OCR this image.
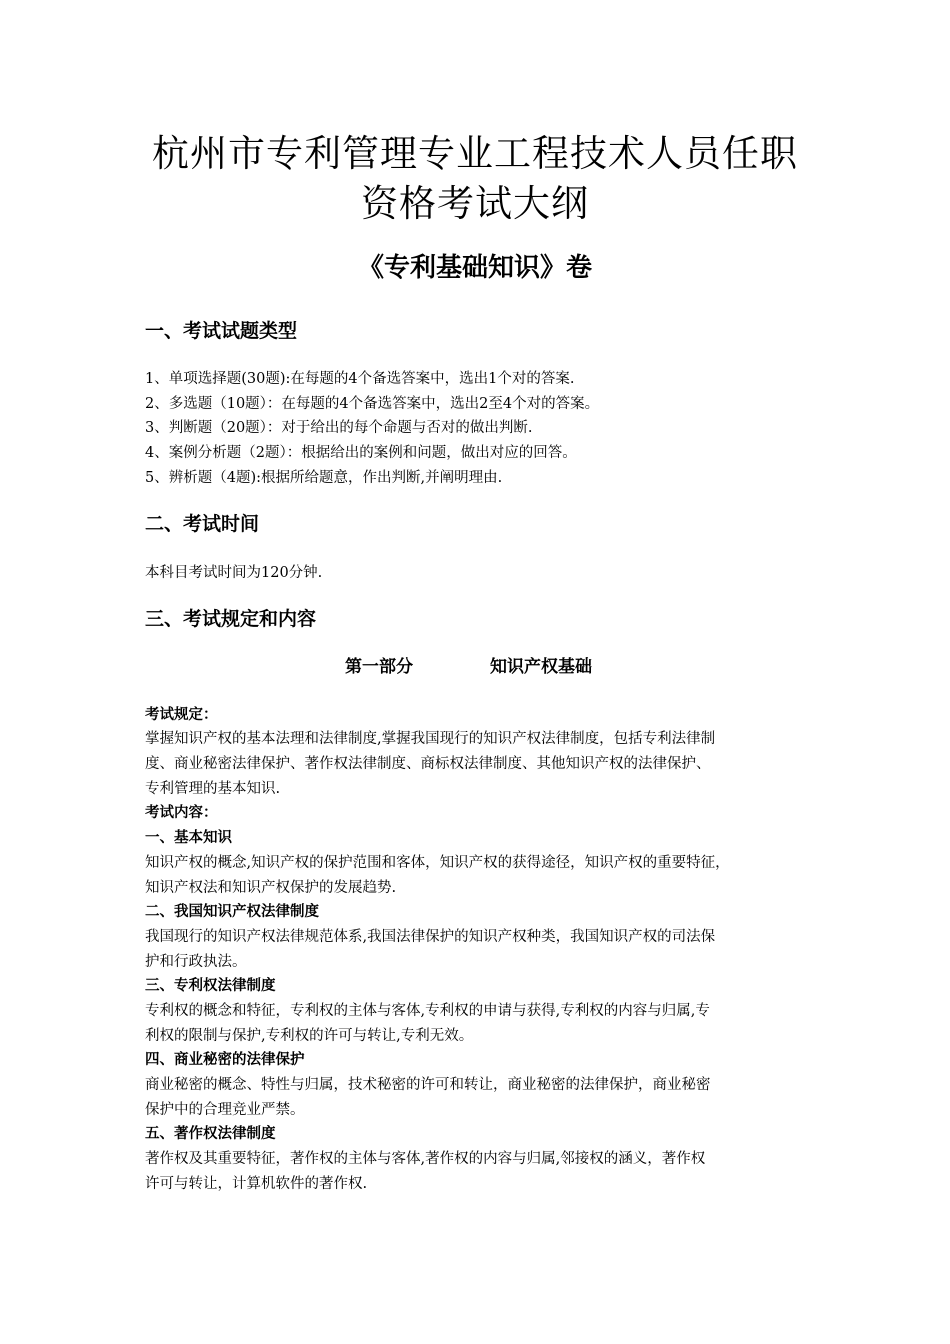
杭州市专利管理专业工程技术人员任职
资格考试大纲
《专利基础知识》卷
一、考试试题类型

1、单项选择题(30题):在每题的4个备选答案中，选出1个对的答案.

2、多选题（10题）：在每题的4个备选答案中，选出2至4个对的答案。

3、判断题（20题）：对于给出的每个命题与否对的做出判断.

4、案例分析题（2题）：根据给出的案例和问题，做出对应的回答。

5、辨析题（4题):根据所给题意，作出判断,并阐明理由.

二、考试时间

本科目考试时间为120分钟.

三、考试规定和内容
第一部分	知识产权基础

考试规定：

掌握知识产权的基本法理和法律制度,掌握我国现行的知识产权法律制度，包括专利法律制

度、商业秘密法律保护、著作权法律制度、商标权法律制度、其他知识产权的法律保护、

专利管理的基本知识.

考试内容：

一、基本知识

知识产权的概念,知识产权的保护范围和客体，知识产权的获得途径，知识产权的重要特征，

知识产权法和知识产权保护的发展趋势.

二、我国知识产权法律制度

我国现行的知识产权法律规范体系,我国法律保护的知识产权种类，我国知识产权的司法保

护和行政执法。

三、专利权法律制度

专利权的概念和特征，专利权的主体与客体,专利权的申请与获得,专利权的内容与归属,专

利权的限制与保护,专利权的许可与转让,专利无效。

四、商业秘密的法律保护

商业秘密的概念、特性与归属，技术秘密的许可和转让，商业秘密的法律保护，商业秘密

保护中的合理竞业严禁。

五、著作权法律制度

著作权及其重要特征，著作权的主体与客体,著作权的内容与归属,邻接权的涵义，著作权

许可与转让，计算机软件的著作权.
